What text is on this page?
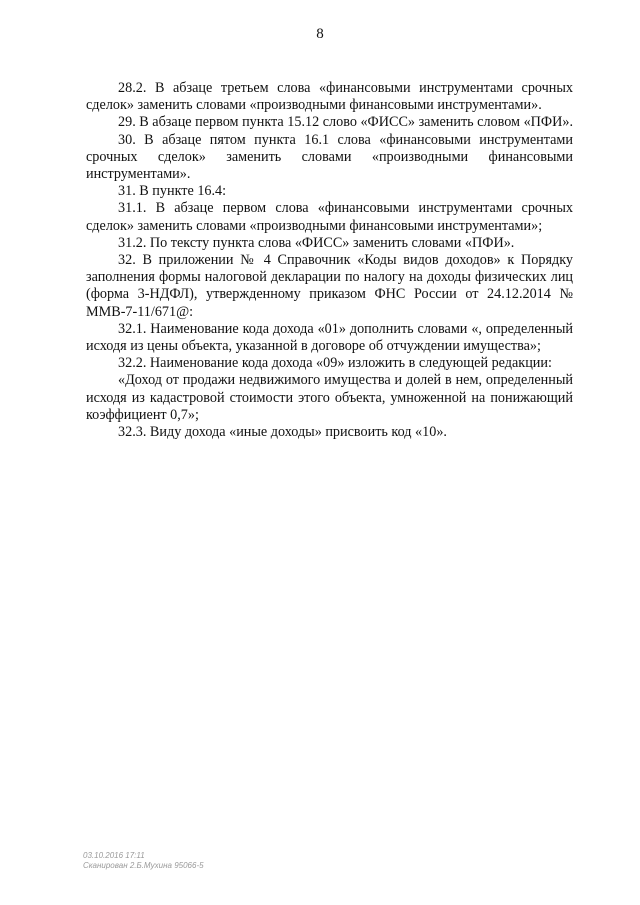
8

28.2. В абзаце третьем слова «финансовыми инструментами срочных сделок» заменить словами «производными финансовыми инструментами».

29. В абзаце первом пункта 15.12 слово «ФИСС» заменить словом «ПФИ».

30. В абзаце пятом пункта 16.1 слова «финансовыми инструментами срочных сделок» заменить словами «производными финансовыми инструментами».

31. В пункте 16.4:

31.1. В абзаце первом слова «финансовыми инструментами срочных сделок» заменить словами «производными финансовыми инструментами»;

31.2. По тексту пункта слова «ФИСС» заменить словами «ПФИ».

32. В приложении № 4 Справочник «Коды видов доходов» к Порядку заполнения формы налоговой декларации по налогу на доходы физических лиц (форма 3-НДФЛ), утвержденному приказом ФНС России от 24.12.2014 № ММВ-7-11/671@:

32.1. Наименование кода дохода «01» дополнить словами «, определенный исходя из цены объекта, указанной в договоре об отчуждении имущества»;

32.2. Наименование кода дохода «09» изложить в следующей редакции:

«Доход от продажи недвижимого имущества и долей в нем, определенный исходя из кадастровой стоимости этого объекта, умноженной на понижающий коэффициент 0,7»;

32.3. Виду дохода «иные доходы» присвоить код «10».

03.10.2016 17:11
Сканирован 2.Б.Мухина 95066-5
